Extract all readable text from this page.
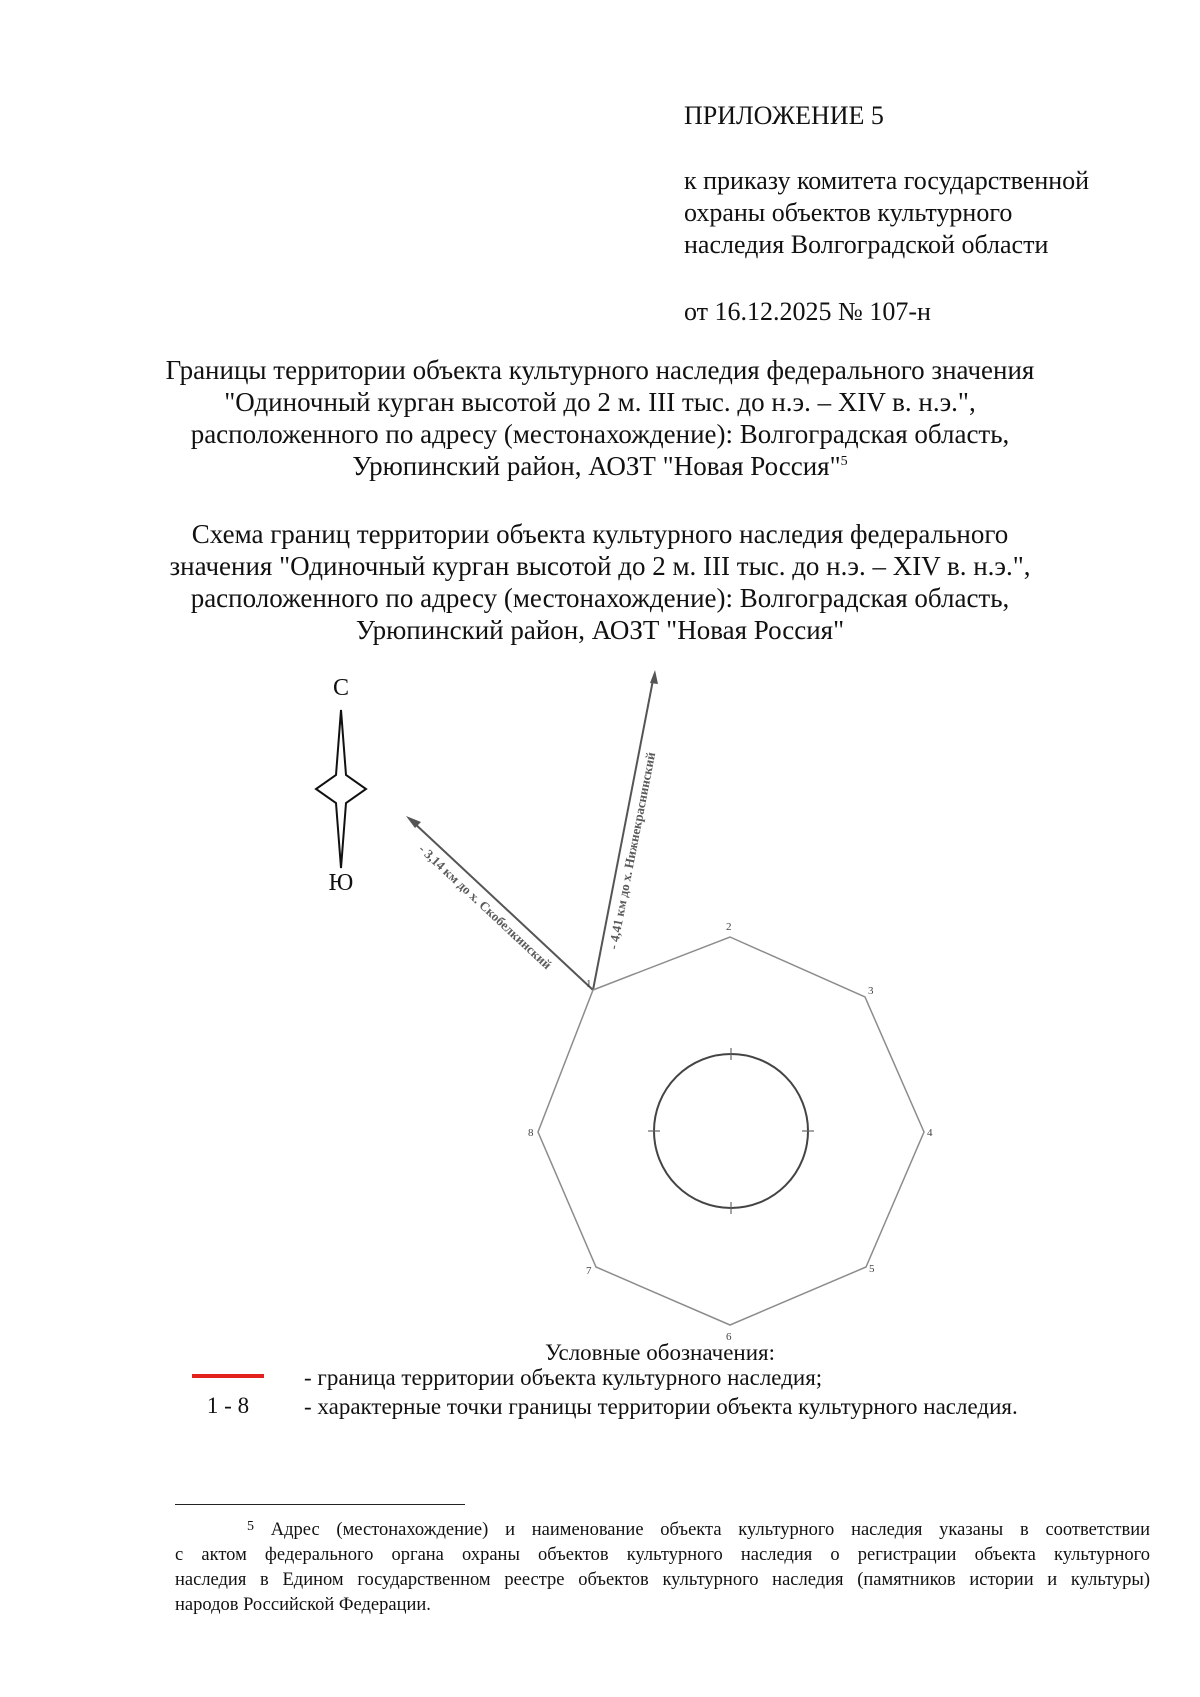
ПРИЛОЖЕНИЕ 5
к приказу комитета государственной
охраны объектов культурного
наследия Волгоградской области
от 16.12.2025 № 107-н
Границы территории объекта культурного наследия федерального значения
"Одиночный курган высотой до 2 м. III тыс. до н.э. – XIV в. н.э.",
расположенного по адресу (местонахождение): Волгоградская область,
Урюпинский район, АОЗТ "Новая Россия"$^5$
Схема границ территории объекта культурного наследия федерального
значения "Одиночный курган высотой до 2 м. III тыс. до н.э. – XIV в. н.э.",
расположенного по адресу (местонахождение): Волгоградская область,
Урюпинский район, АОЗТ "Новая Россия"
С
Ю	- 3,14 км до х. Скобелкинский	- 4,41 км до х. Нижнекраснинский
1
2
3
4
5
6
7
8
Условные обозначения:
- граница территории объекта культурного наследия;
1 - 8	- характерные точки границы территории объекта культурного наследия.
$^5$ Адрес (местонахождение) и наименование объекта культурного наследия указаны в соответствии
с актом федерального органа охраны объектов культурного наследия о регистрации объекта культурного
наследия в Едином государственном реестре объектов культурного наследия (памятников истории и культуры)
народов Российской Федерации.
